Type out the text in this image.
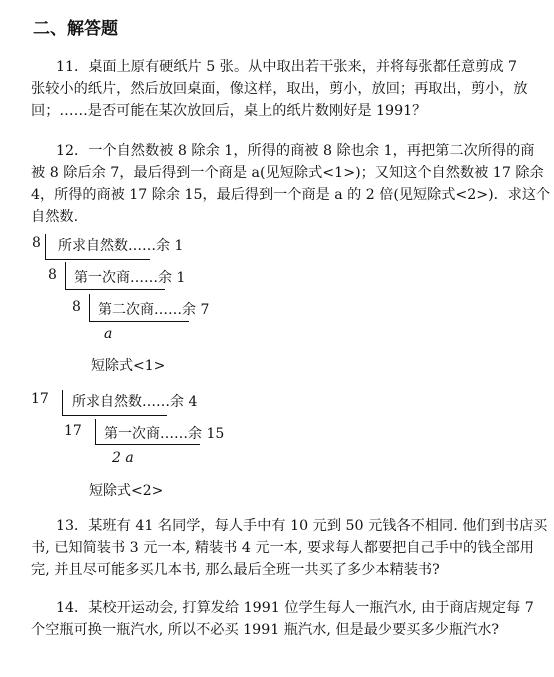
二、解答题
11．桌面上原有硬纸片 5 张。从中取出若干张来，并将每张都任意剪成 7
张较小的纸片，然后放回桌面，像这样，取出，剪小，放回；再取出，剪小，放
回；……是否可能在某次放回后，桌上的纸片数刚好是 1991？
12．一个自然数被 8 除余 1，所得的商被 8 除也余 1，再把第二次所得的商
被 8 除后余 7，最后得到一个商是 a(见短除式<1>)；又知这个自然数被 17 除余
4，所得的商被 17 除余 15，最后得到一个商是 a 的 2 倍(见短除式<2>)．求这个
自然数.
8 所求自然数……余 1
8 第一次商……余 1
8 第二次商……余 7
a
短除式<1>
17 所求自然数……余 4
17 第一次商……余 15
2 a
短除式<2>
13．某班有 41 名同学，每人手中有 10 元到 50 元钱各不相同. 他们到书店买
书, 已知简装书 3 元一本, 精装书 4 元一本, 要求每人都要把自己手中的钱全部用
完, 并且尽可能多买几本书, 那么最后全班一共买了多少本精装书?
14．某校开运动会, 打算发给 1991 位学生每人一瓶汽水, 由于商店规定每 7
个空瓶可换一瓶汽水, 所以不必买 1991 瓶汽水, 但是最少要买多少瓶汽水?
